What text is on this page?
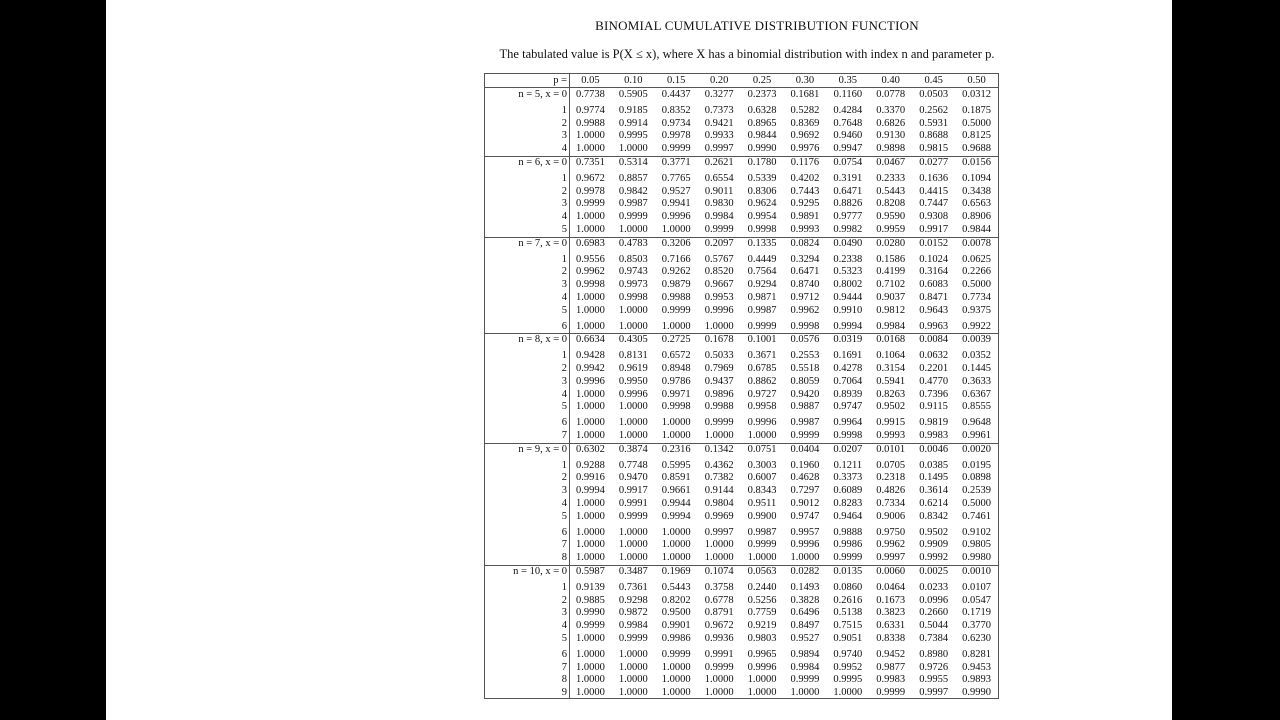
BINOMIAL CUMULATIVE DISTRIBUTION FUNCTION
The tabulated value is P(X ≤ x), where X has a binomial distribution with index n and parameter p.
p =	0.05	0.10	0.15	0.20	0.25	0.30	0.35	0.40	0.45	0.50
n = 5, x = 0 0.7738	0.5905	0.4437	0.3277	0.2373	0.1681	0.1160	0.0778	0.0503	0.0312
1 0.9774	0.9185	0.8352	0.7373	0.6328	0.5282	0.4284	0.3370	0.2562	0.1875
2 0.9988	0.9914	0.9734	0.9421	0.8965	0.8369	0.7648	0.6826	0.5931	0.5000
3 1.0000	0.9995	0.9978	0.9933	0.9844	0.9692	0.9460	0.9130	0.8688	0.8125
4 1.0000	1.0000	0.9999	0.9997	0.9990	0.9976	0.9947	0.9898	0.9815	0.9688
n = 6, x = 0 0.7351	0.5314	0.3771	0.2621	0.1780	0.1176	0.0754	0.0467	0.0277	0.0156
1 0.9672	0.8857	0.7765	0.6554	0.5339	0.4202	0.3191	0.2333	0.1636	0.1094
2 0.9978	0.9842	0.9527	0.9011	0.8306	0.7443	0.6471	0.5443	0.4415	0.3438
3 0.9999	0.9987	0.9941	0.9830	0.9624	0.9295	0.8826	0.8208	0.7447	0.6563
4 1.0000	0.9999	0.9996	0.9984	0.9954	0.9891	0.9777	0.9590	0.9308	0.8906
5 1.0000	1.0000	1.0000	0.9999	0.9998	0.9993	0.9982	0.9959	0.9917	0.9844
n = 7, x = 0 0.6983	0.4783	0.3206	0.2097	0.1335	0.0824	0.0490	0.0280	0.0152	0.0078
1 0.9556	0.8503	0.7166	0.5767	0.4449	0.3294	0.2338	0.1586	0.1024	0.0625
2 0.9962	0.9743	0.9262	0.8520	0.7564	0.6471	0.5323	0.4199	0.3164	0.2266
3 0.9998	0.9973	0.9879	0.9667	0.9294	0.8740	0.8002	0.7102	0.6083	0.5000
4 1.0000	0.9998	0.9988	0.9953	0.9871	0.9712	0.9444	0.9037	0.8471	0.7734
5 1.0000	1.0000	0.9999	0.9996	0.9987	0.9962	0.9910	0.9812	0.9643	0.9375
6 1.0000	1.0000	1.0000	1.0000	0.9999	0.9998	0.9994	0.9984	0.9963	0.9922
n = 8, x = 0 0.6634	0.4305	0.2725	0.1678	0.1001	0.0576	0.0319	0.0168	0.0084	0.0039
1 0.9428	0.8131	0.6572	0.5033	0.3671	0.2553	0.1691	0.1064	0.0632	0.0352
2 0.9942	0.9619	0.8948	0.7969	0.6785	0.5518	0.4278	0.3154	0.2201	0.1445
3 0.9996	0.9950	0.9786	0.9437	0.8862	0.8059	0.7064	0.5941	0.4770	0.3633
4 1.0000	0.9996	0.9971	0.9896	0.9727	0.9420	0.8939	0.8263	0.7396	0.6367
5 1.0000	1.0000	0.9998	0.9988	0.9958	0.9887	0.9747	0.9502	0.9115	0.8555
6 1.0000	1.0000	1.0000	0.9999	0.9996	0.9987	0.9964	0.9915	0.9819	0.9648
7 1.0000	1.0000	1.0000	1.0000	1.0000	0.9999	0.9998	0.9993	0.9983	0.9961
n = 9, x = 0 0.6302	0.3874	0.2316	0.1342	0.0751	0.0404	0.0207	0.0101	0.0046	0.0020
1 0.9288	0.7748	0.5995	0.4362	0.3003	0.1960	0.1211	0.0705	0.0385	0.0195
2 0.9916	0.9470	0.8591	0.7382	0.6007	0.4628	0.3373	0.2318	0.1495	0.0898
3 0.9994	0.9917	0.9661	0.9144	0.8343	0.7297	0.6089	0.4826	0.3614	0.2539
4 1.0000	0.9991	0.9944	0.9804	0.9511	0.9012	0.8283	0.7334	0.6214	0.5000
5 1.0000	0.9999	0.9994	0.9969	0.9900	0.9747	0.9464	0.9006	0.8342	0.7461
6 1.0000	1.0000	1.0000	0.9997	0.9987	0.9957	0.9888	0.9750	0.9502	0.9102
7 1.0000	1.0000	1.0000	1.0000	0.9999	0.9996	0.9986	0.9962	0.9909	0.9805
8 1.0000	1.0000	1.0000	1.0000	1.0000	1.0000	0.9999	0.9997	0.9992	0.9980
n = 10, x = 0 0.5987	0.3487	0.1969	0.1074	0.0563	0.0282	0.0135	0.0060	0.0025	0.0010
1 0.9139	0.7361	0.5443	0.3758	0.2440	0.1493	0.0860	0.0464	0.0233	0.0107
2 0.9885	0.9298	0.8202	0.6778	0.5256	0.3828	0.2616	0.1673	0.0996	0.0547
3 0.9990	0.9872	0.9500	0.8791	0.7759	0.6496	0.5138	0.3823	0.2660	0.1719
4 0.9999	0.9984	0.9901	0.9672	0.9219	0.8497	0.7515	0.6331	0.5044	0.3770
5 1.0000	0.9999	0.9986	0.9936	0.9803	0.9527	0.9051	0.8338	0.7384	0.6230
6 1.0000	1.0000	0.9999	0.9991	0.9965	0.9894	0.9740	0.9452	0.8980	0.8281
7 1.0000	1.0000	1.0000	0.9999	0.9996	0.9984	0.9952	0.9877	0.9726	0.9453
8 1.0000	1.0000	1.0000	1.0000	1.0000	0.9999	0.9995	0.9983	0.9955	0.9893
9 1.0000	1.0000	1.0000	1.0000	1.0000	1.0000	1.0000	0.9999	0.9997	0.9990
